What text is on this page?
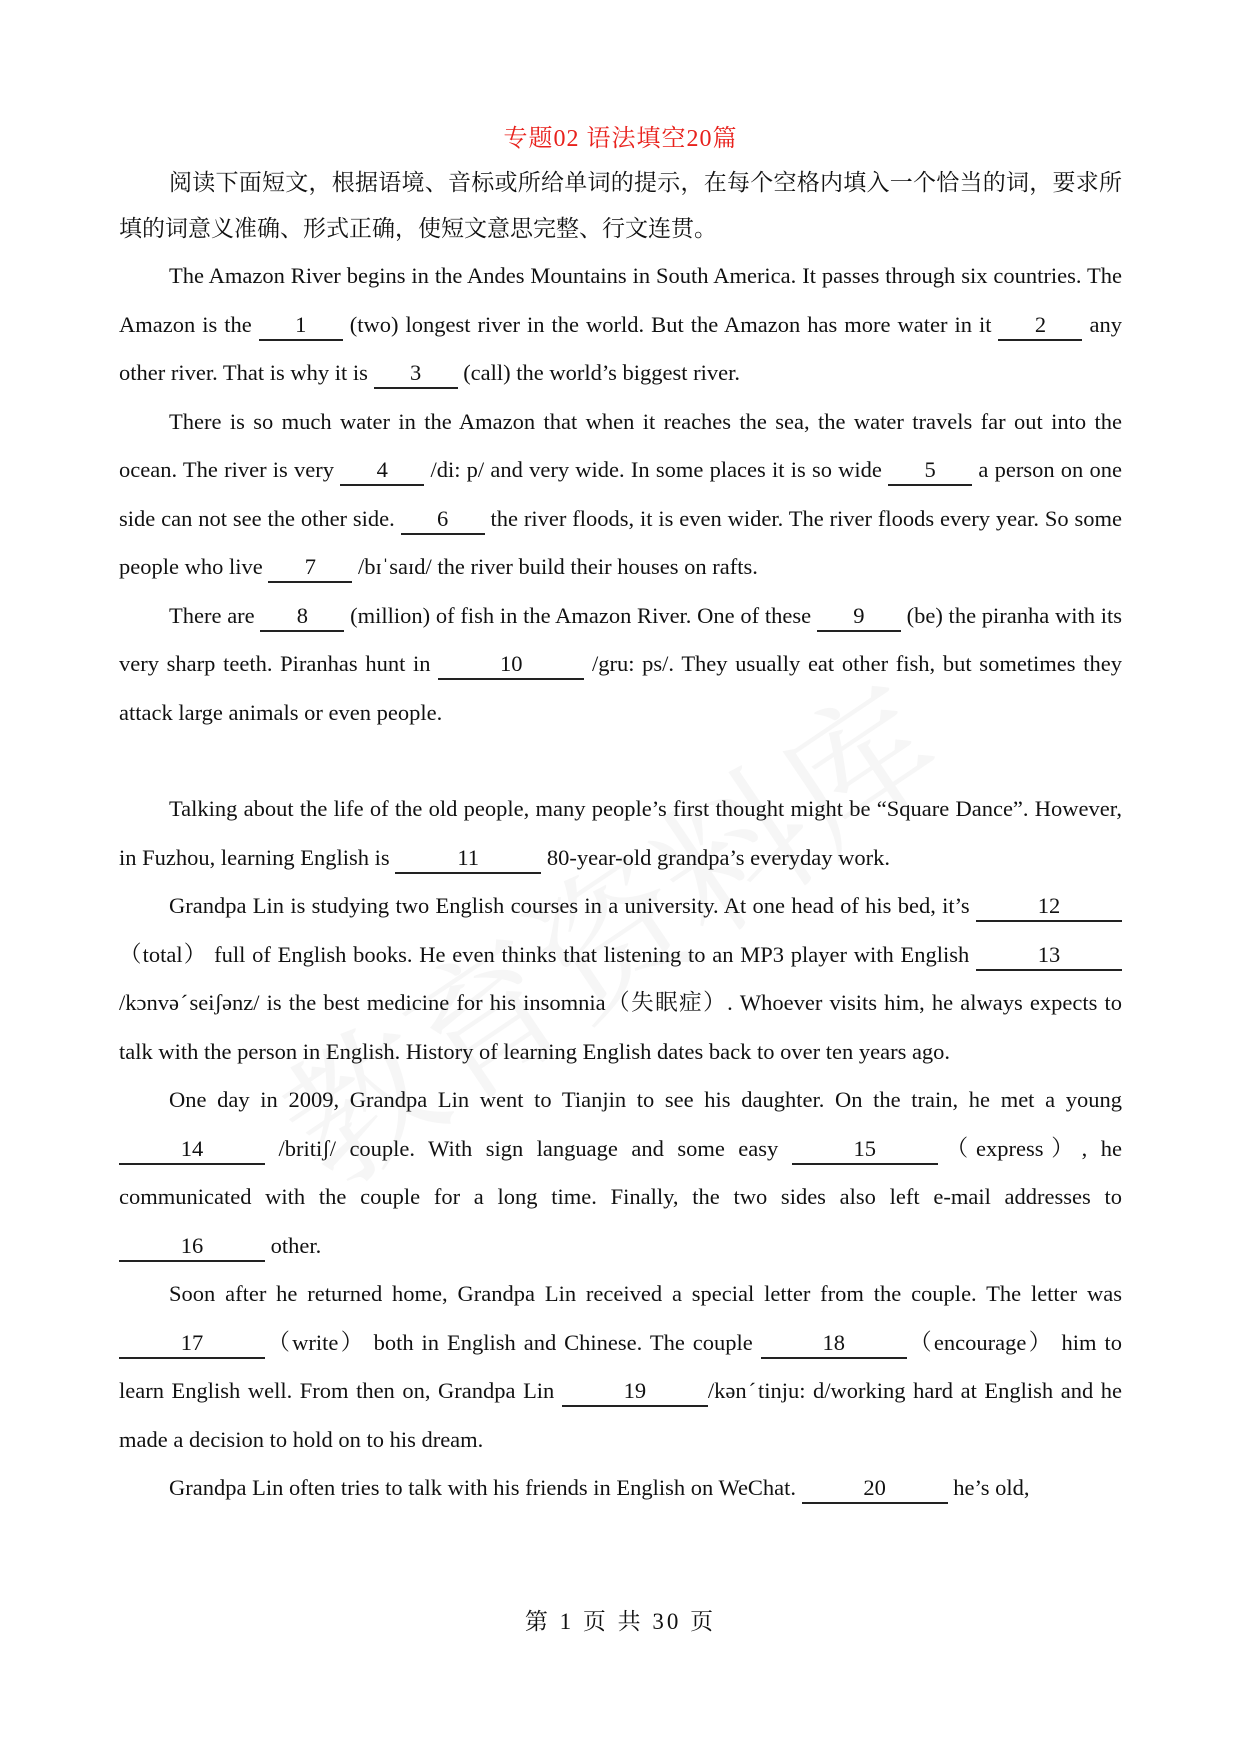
专题02 语法填空20篇

阅读下面短文，根据语境、音标或所给单词的提示，在每个空格内填入一个恰当的词，要求所填的词意义准确、形式正确，使短文意思完整、行文连贯。

The Amazon River begins in the Andes Mountains in South America. It passes through six countries. The Amazon is the 1 (two) longest river in the world. But the Amazon has more water in it 2 any other river. That is why it is 3 (call) the world’s biggest river.

There is so much water in the Amazon that when it reaches the sea, the water travels far out into the ocean. The river is very 4 /di: p/ and very wide. In some places it is so wide 5 a person on one side can not see the other side. 6 the river floods, it is even wider. The river floods every year. So some people who live 7 /bɪˈsaɪd/ the river build their houses on rafts.

There are 8 (million) of fish in the Amazon River. One of these 9 (be) the piranha with its very sharp teeth. Piranhas hunt in	10	/gru: ps/. They usually eat other fish, but sometimes they attack large animals or even people.

Talking about the life of the old people, many people’s first thought might be “Square Dance”. However, in Fuzhou, learning English is	11	80-year-old grandpa’s everyday work.

Grandpa Lin is studying two English courses in a university. At one head of his bed, it’s	12（total） full of English books. He even thinks that listening to an MP3 player with English	13 /kɔnvəˊseiʃənz/ is the best medicine for his insomnia（失眠症）. Whoever visits him, he always expects to talk with the person in English. History of learning English dates back to over ten years ago.

One day in 2009, Grandpa Lin went to Tianjin to see his daughter. On the train, he met a young 14	/britiʃ/ couple. With sign language and some easy	15	（express）, he communicated with the couple for a long time. Finally, the two sides also left e-mail addresses to 16	other.

Soon after he returned home, Grandpa Lin received a special letter from the couple. The letter was 17	（write） both in English and Chinese. The couple	18	（encourage） him to learn English well. From then on, Grandpa Lin	19	/kənˊtinju: d/working hard at English and he made a decision to hold on to his dream.

Grandpa Lin often tries to talk with his friends in English on WeChat.	20	he’s old,

第 1 页 共 30 页
